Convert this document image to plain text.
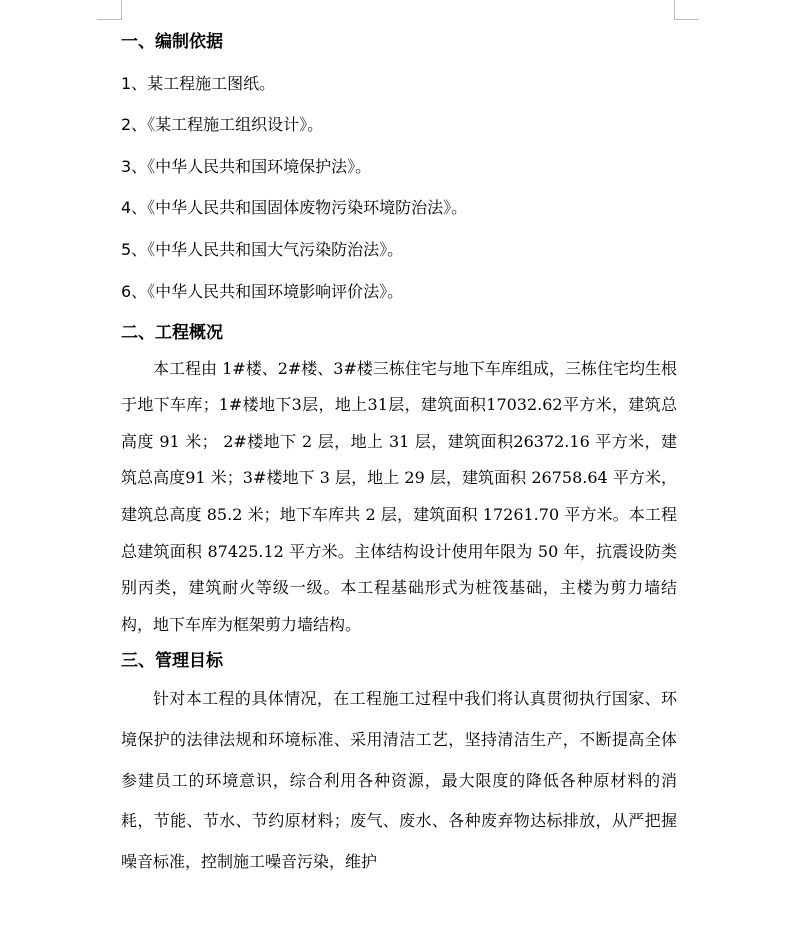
一、编制依据
1、某工程施工图纸。
2、《某工程施工组织设计》。
3、《中华人民共和国环境保护法》。
4、《中华人民共和国固体废物污染环境防治法》。
5、《中华人民共和国大气污染防治法》。
6、《中华人民共和国环境影响评价法》。
二、工程概况

本工程由 1#楼、2#楼、3#楼三栋住宅与地下车库组成，三栋住宅均生根于地下车库；1#楼地下3层，地上31层，建筑面积17032.62平方米，建筑总高度 91 米； 2#楼地下 2 层，地上 31 层，建筑面积26372.16 平方米，建筑总高度91 米；3#楼地下 3 层，地上 29 层，建筑面积 26758.64 平方米，建筑总高度 85.2 米；地下车库共 2 层，建筑面积 17261.70 平方米。本工程总建筑面积 87425.12 平方米。主体结构设计使用年限为 50 年，抗震设防类别丙类，建筑耐火等级一级。本工程基础形式为桩筏基础，主楼为剪力墙结构，地下车库为框架剪力墙结构。

三、管理目标

针对本工程的具体情况，在工程施工过程中我们将认真贯彻执行国家、环境保护的法律法规和环境标准、采用清洁工艺，坚持清洁生产，不断提高全体参建员工的环境意识，综合利用各种资源，最大限度的降低各种原材料的消耗，节能、节水、节约原材料；废气、废水、各种废弃物达标排放，从严把握噪音标准，控制施工噪音污染，维护
